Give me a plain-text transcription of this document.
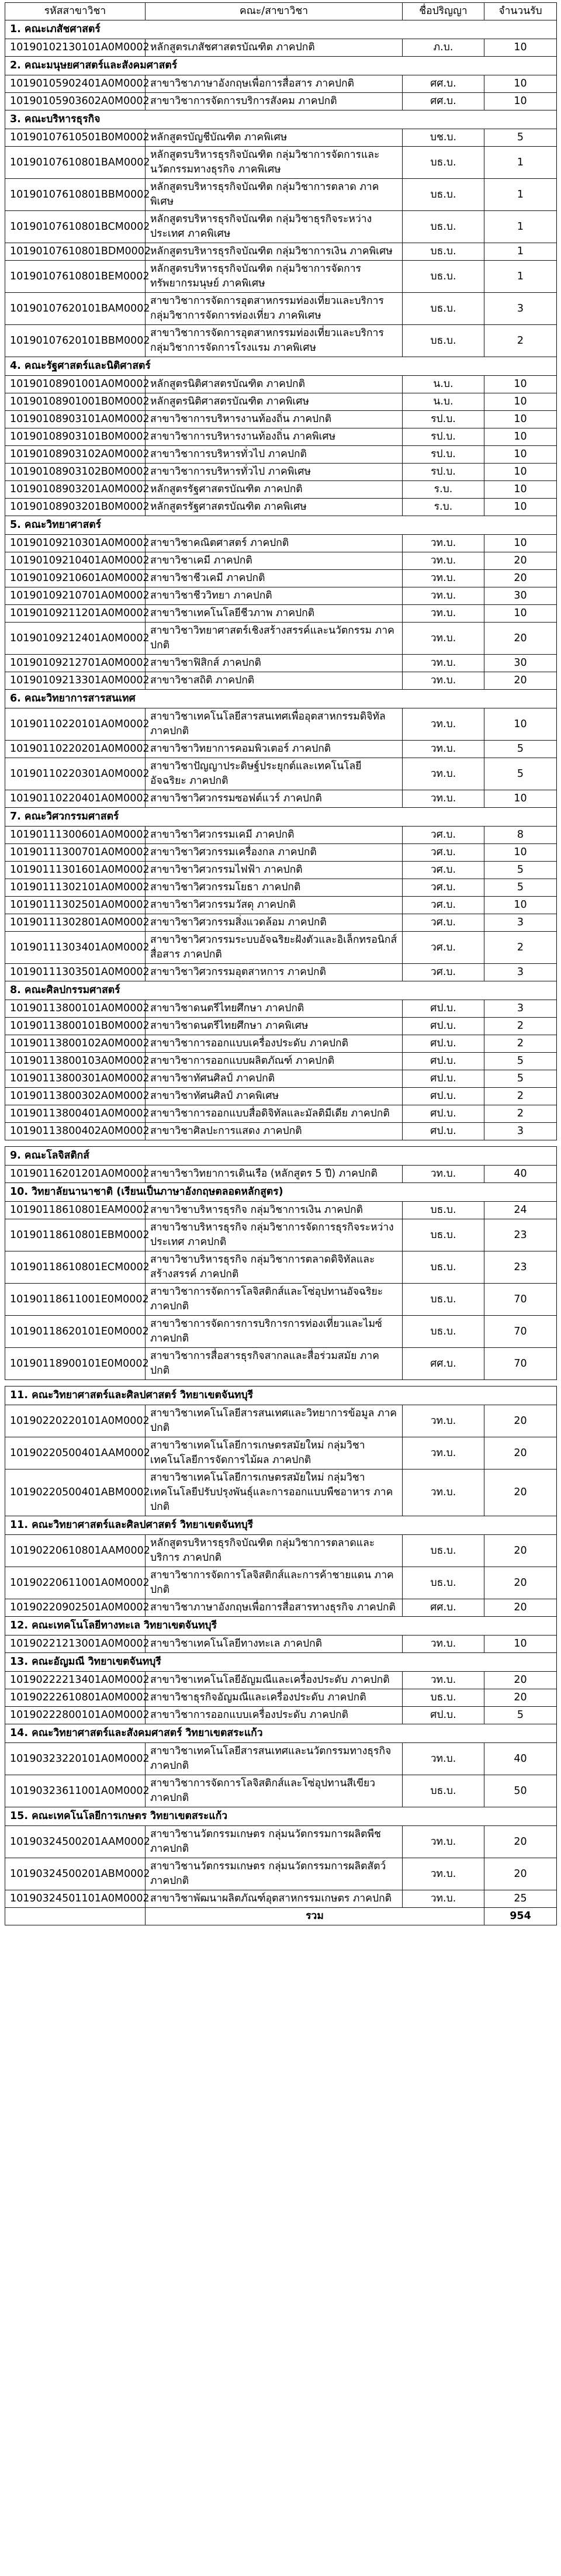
รหัสสาขาวิชา	คณะ/สาขาวิชา	ชื่อปริญญา	จำนวนรับ
1. คณะเภสัชศาสตร์			
10190102130101A0M0002	หลักสูตรเภสัชศาสตรบัณฑิต ภาคปกติ	ภ.บ.	10
2. คณะมนุษยศาสตร์และสังคมศาสตร์			
10190105902401A0M0002	สาขาวิชาภาษาอังกฤษเพื่อการสื่อสาร ภาคปกติ	ศศ.บ.	10
10190105903602A0M0002	สาขาวิชาการจัดการบริการสังคม ภาคปกติ	ศศ.บ.	10
3. คณะบริหารธุรกิจ			
10190107610501B0M0002	หลักสูตรบัญชีบัณฑิต ภาคพิเศษ	บช.บ.	5
10190107610801BAM0002	หลักสูตรบริหารธุรกิจบัณฑิต กลุ่มวิชาการจัดการและนวัตกรรมทางธุรกิจ ภาคพิเศษ	บธ.บ.	1
10190107610801BBM0002	หลักสูตรบริหารธุรกิจบัณฑิต กลุ่มวิชาการตลาด ภาคพิเศษ	บธ.บ.	1
10190107610801BCM0002	หลักสูตรบริหารธุรกิจบัณฑิต กลุ่มวิชาธุรกิจระหว่างประเทศ ภาคพิเศษ	บธ.บ.	1
10190107610801BDM0002	หลักสูตรบริหารธุรกิจบัณฑิต กลุ่มวิชาการเงิน ภาคพิเศษ	บธ.บ.	1
10190107610801BEM0002	หลักสูตรบริหารธุรกิจบัณฑิต กลุ่มวิชาการจัดการทรัพยากรมนุษย์ ภาคพิเศษ	บธ.บ.	1
10190107620101BAM0002	สาขาวิชาการจัดการอุตสาหกรรมท่องเที่ยวและบริการ กลุ่มวิชาการจัดการท่องเที่ยว ภาคพิเศษ	บธ.บ.	3
10190107620101BBM0002	สาขาวิชาการจัดการอุตสาหกรรมท่องเที่ยวและบริการ กลุ่มวิชาการจัดการโรงแรม ภาคพิเศษ	บธ.บ.	2
4. คณะรัฐศาสตร์และนิติศาสตร์			
10190108901001A0M0002	หลักสูตรนิติศาสตรบัณฑิต ภาคปกติ	น.บ.	10
10190108901001B0M0002	หลักสูตรนิติศาสตรบัณฑิต ภาคพิเศษ	น.บ.	10
10190108903101A0M0002	สาขาวิชาการบริหารงานท้องถิ่น ภาคปกติ	รป.บ.	10
10190108903101B0M0002	สาขาวิชาการบริหารงานท้องถิ่น ภาคพิเศษ	รป.บ.	10
10190108903102A0M0002	สาขาวิชาการบริหารทั่วไป ภาคปกติ	รป.บ.	10
10190108903102B0M0002	สาขาวิชาการบริหารทั่วไป ภาคพิเศษ	รป.บ.	10
10190108903201A0M0002	หลักสูตรรัฐศาสตรบัณฑิต ภาคปกติ	ร.บ.	10
10190108903201B0M0002	หลักสูตรรัฐศาสตรบัณฑิต ภาคพิเศษ	ร.บ.	10
5. คณะวิทยาศาสตร์			
10190109210301A0M0002	สาขาวิชาคณิตศาสตร์ ภาคปกติ	วท.บ.	10
10190109210401A0M0002	สาขาวิชาเคมี ภาคปกติ	วท.บ.	20
10190109210601A0M0002	สาขาวิชาชีวเคมี ภาคปกติ	วท.บ.	20
10190109210701A0M0002	สาขาวิชาชีววิทยา ภาคปกติ	วท.บ.	30
10190109211201A0M0002	สาขาวิชาเทคโนโลยีชีวภาพ ภาคปกติ	วท.บ.	10
10190109212401A0M0002	สาขาวิชาวิทยาศาสตร์เชิงสร้างสรรค์และนวัตกรรม ภาคปกติ	วท.บ.	20
10190109212701A0M0002	สาขาวิชาฟิสิกส์ ภาคปกติ	วท.บ.	30
10190109213301A0M0002	สาขาวิชาสถิติ ภาคปกติ	วท.บ.	20
6. คณะวิทยาการสารสนเทศ			
10190110220101A0M0002	สาขาวิชาเทคโนโลยีสารสนเทศเพื่ออุตสาหกรรมดิจิทัล ภาคปกติ	วท.บ.	10
10190110220201A0M0002	สาขาวิชาวิทยาการคอมพิวเตอร์ ภาคปกติ	วท.บ.	5
10190110220301A0M0002	สาขาวิชาปัญญาประดิษฐ์ประยุกต์และเทคโนโลยีอัจฉริยะ ภาคปกติ	วท.บ.	5
10190110220401A0M0002	สาขาวิชาวิศวกรรมซอฟต์แวร์ ภาคปกติ	วท.บ.	10
7. คณะวิศวกรรมศาสตร์			
10190111300601A0M0002	สาขาวิชาวิศวกรรมเคมี ภาคปกติ	วศ.บ.	8
10190111300701A0M0002	สาขาวิชาวิศวกรรมเครื่องกล ภาคปกติ	วศ.บ.	10
10190111301601A0M0002	สาขาวิชาวิศวกรรมไฟฟ้า ภาคปกติ	วศ.บ.	5
10190111302101A0M0002	สาขาวิชาวิศวกรรมโยธา ภาคปกติ	วศ.บ.	5
10190111302501A0M0002	สาขาวิชาวิศวกรรมวัสดุ ภาคปกติ	วศ.บ.	10
10190111302801A0M0002	สาขาวิชาวิศวกรรมสิ่งแวดล้อม ภาคปกติ	วศ.บ.	3
10190111303401A0M0002	สาขาวิชาวิศวกรรมระบบอัจฉริยะฝังตัวและอิเล็กทรอนิกส์สื่อสาร ภาคปกติ	วศ.บ.	2
10190111303501A0M0002	สาขาวิชาวิศวกรรมอุตสาหการ ภาคปกติ	วศ.บ.	3
8. คณะศิลปกรรมศาสตร์			
10190113800101A0M0002	สาขาวิชาดนตรีไทยศึกษา ภาคปกติ	ศป.บ.	3
10190113800101B0M0002	สาขาวิชาดนตรีไทยศึกษา ภาคพิเศษ	ศป.บ.	2
10190113800102A0M0002	สาขาวิชาการออกแบบเครื่องประดับ ภาคปกติ	ศป.บ.	2
10190113800103A0M0002	สาขาวิชาการออกแบบผลิตภัณฑ์ ภาคปกติ	ศป.บ.	5
10190113800301A0M0002	สาขาวิชาทัศนศิลป์ ภาคปกติ	ศป.บ.	5
10190113800302A0M0002	สาขาวิชาทัศนศิลป์ ภาคพิเศษ	ศป.บ.	2
10190113800401A0M0002	สาขาวิชาการออกแบบสื่อดิจิทัลและมัลติมีเดีย ภาคปกติ	ศป.บ.	2
10190113800402A0M0002	สาขาวิชาศิลปะการแสดง ภาคปกติ	ศป.บ.	3

9. คณะโลจิสติกส์			
10190116201201A0M0002	สาขาวิชาวิทยาการเดินเรือ (หลักสูตร 5 ปี) ภาคปกติ	วท.บ.	40
10. วิทยาลัยนานาชาติ (เรียนเป็นภาษาอังกฤษตลอดหลักสูตร)			
10190118610801EAM0002	สาขาวิชาบริหารธุรกิจ กลุ่มวิชาการเงิน ภาคปกติ	บธ.บ.	24
10190118610801EBM0002	สาขาวิชาบริหารธุรกิจ กลุ่มวิชาการจัดการธุรกิจระหว่างประเทศ ภาคปกติ	บธ.บ.	23
10190118610801ECM0002	สาขาวิชาบริหารธุรกิจ กลุ่มวิชาการตลาดดิจิทัลและสร้างสรรค์ ภาคปกติ	บธ.บ.	23
10190118611001E0M0002	สาขาวิชาการจัดการโลจิสติกส์และโซ่อุปทานอัจฉริยะ ภาคปกติ	บธ.บ.	70
10190118620101E0M0002	สาขาวิชาการจัดการการบริการการท่องเที่ยวและไมซ์ ภาคปกติ	บธ.บ.	70
10190118900101E0M0002	สาขาวิชาการสื่อสารธุรกิจสากลและสื่อร่วมสมัย ภาคปกติ	ศศ.บ.	70

11. คณะวิทยาศาสตร์และศิลปศาสตร์ วิทยาเขตจันทบุรี			
10190220220101A0M0002	สาขาวิชาเทคโนโลยีสารสนเทศและวิทยาการข้อมูล ภาคปกติ	วท.บ.	20
10190220500401AAM0002	สาขาวิชาเทคโนโลยีการเกษตรสมัยใหม่ กลุ่มวิชาเทคโนโลยีการจัดการไม้ผล ภาคปกติ	วท.บ.	20
10190220500401ABM0002	สาขาวิชาเทคโนโลยีการเกษตรสมัยใหม่ กลุ่มวิชาเทคโนโลยีปรับปรุงพันธุ์และการออกแบบพืชอาหาร ภาคปกติ	วท.บ.	20
11. คณะวิทยาศาสตร์และศิลปศาสตร์ วิทยาเขตจันทบุรี			
10190220610801AAM0002	หลักสูตรบริหารธุรกิจบัณฑิต กลุ่มวิชาการตลาดและบริการ ภาคปกติ	บธ.บ.	20
10190220611001A0M0002	สาขาวิชาการจัดการโลจิสติกส์และการค้าชายแดน ภาคปกติ	บธ.บ.	20
10190220902501A0M0002	สาขาวิชาภาษาอังกฤษเพื่อการสื่อสารทางธุรกิจ ภาคปกติ	ศศ.บ.	20
12. คณะเทคโนโลยีทางทะเล วิทยาเขตจันทบุรี			
10190221213001A0M0002	สาขาวิชาเทคโนโลยีทางทะเล ภาคปกติ	วท.บ.	10
13. คณะอัญมณี วิทยาเขตจันทบุรี			
10190222213401A0M0002	สาขาวิชาเทคโนโลยีอัญมณีและเครื่องประดับ ภาคปกติ	วท.บ.	20
10190222610801A0M0002	สาขาวิชาธุรกิจอัญมณีและเครื่องประดับ ภาคปกติ	บธ.บ.	20
10190222800101A0M0002	สาขาวิชาการออกแบบเครื่องประดับ ภาคปกติ	ศป.บ.	5
14. คณะวิทยาศาสตร์และสังคมศาสตร์ วิทยาเขตสระแก้ว			
10190323220101A0M0002	สาขาวิชาเทคโนโลยีสารสนเทศและนวัตกรรมทางธุรกิจ ภาคปกติ	วท.บ.	40
10190323611001A0M0002	สาขาวิชาการจัดการโลจิสติกส์และโซ่อุปทานสีเขียว ภาคปกติ	บธ.บ.	50
15. คณะเทคโนโลยีการเกษตร วิทยาเขตสระแก้ว			
10190324500201AAM0002	สาขาวิชานวัตกรรมเกษตร กลุ่มนวัตกรรมการผลิตพืช ภาคปกติ	วท.บ.	20
10190324500201ABM0002	สาขาวิชานวัตกรรมเกษตร กลุ่มนวัตกรรมการผลิตสัตว์ ภาคปกติ	วท.บ.	20
10190324501101A0M0002	สาขาวิชาพัฒนาผลิตภัณฑ์อุตสาหกรรมเกษตร ภาคปกติ	วท.บ.	25
	รวม		954
